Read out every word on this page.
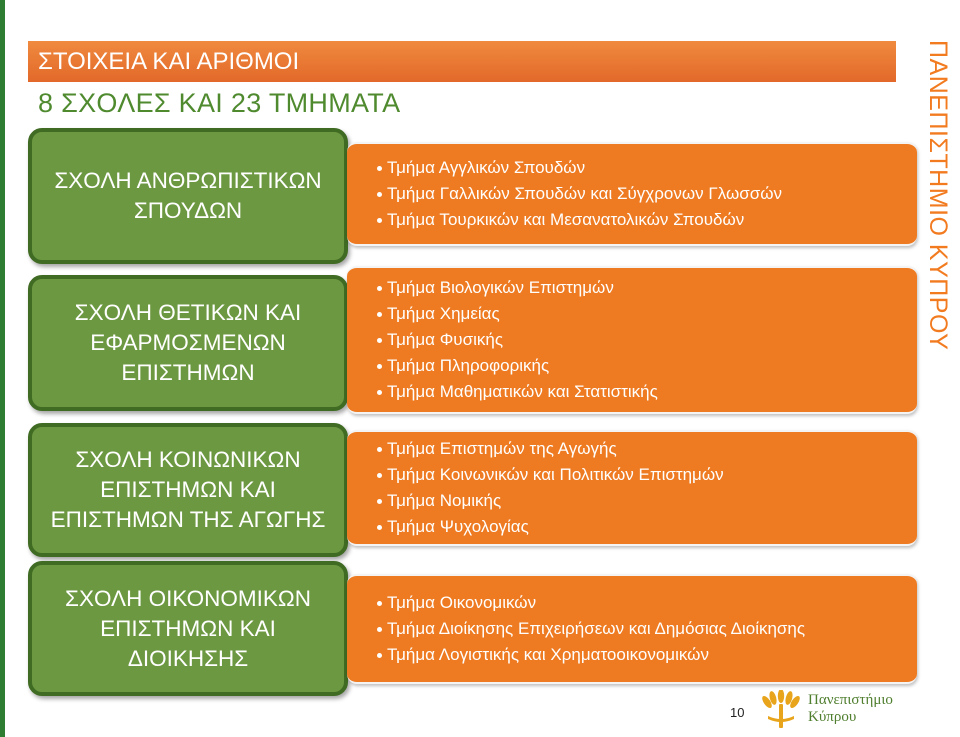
ΣΤΟΙΧΕΙΑ ΚΑΙ ΑΡΙΘΜΟΙ
8 ΣΧΟΛΕΣ ΚΑΙ 23 ΤΜΗΜΑΤΑ	ΠΑΝΕΠΙΣΤΗΜΙΟ ΚΥΠΡΟΥ
ΣΧΟΛΗ ΑΝΘΡΩΠΙΣΤΙΚΩΝ ΣΠΟΥΔΩΝ
Τμήμα Αγγλικών Σπουδών
Τμήμα Γαλλικών Σπουδών και Σύγχρονων Γλωσσών
Τμήμα Τουρκικών και Μεσανατολικών Σπουδών
ΣΧΟΛΗ ΘΕΤΙΚΩΝ ΚΑΙ ΕΦΑΡΜΟΣΜΕΝΩΝ ΕΠΙΣΤΗΜΩΝ
Τμήμα Βιολογικών Επιστημών
Τμήμα Χημείας
Τμήμα Φυσικής
Τμήμα Πληροφορικής
Τμήμα Μαθηματικών και Στατιστικής
ΣΧΟΛΗ ΚΟΙΝΩΝΙΚΩΝ ΕΠΙΣΤΗΜΩΝ ΚΑΙ ΕΠΙΣΤΗΜΩΝ ΤΗΣ ΑΓΩΓΗΣ
Τμήμα Επιστημών της Αγωγής
Τμήμα Κοινωνικών και Πολιτικών Επιστημών
Τμήμα Νομικής
Τμήμα Ψυχολογίας
ΣΧΟΛΗ ΟΙΚΟΝΟΜΙΚΩΝ ΕΠΙΣΤΗΜΩΝ ΚΑΙ ΔΙΟΙΚΗΣΗΣ
Τμήμα Οικονομικών
Τμήμα Διοίκησης Επιχειρήσεων και Δημόσιας Διοίκησης
Τμήμα Λογιστικής και Χρηματοοικονομικών
10
Πανεπιστήμιο
Κύπρου
